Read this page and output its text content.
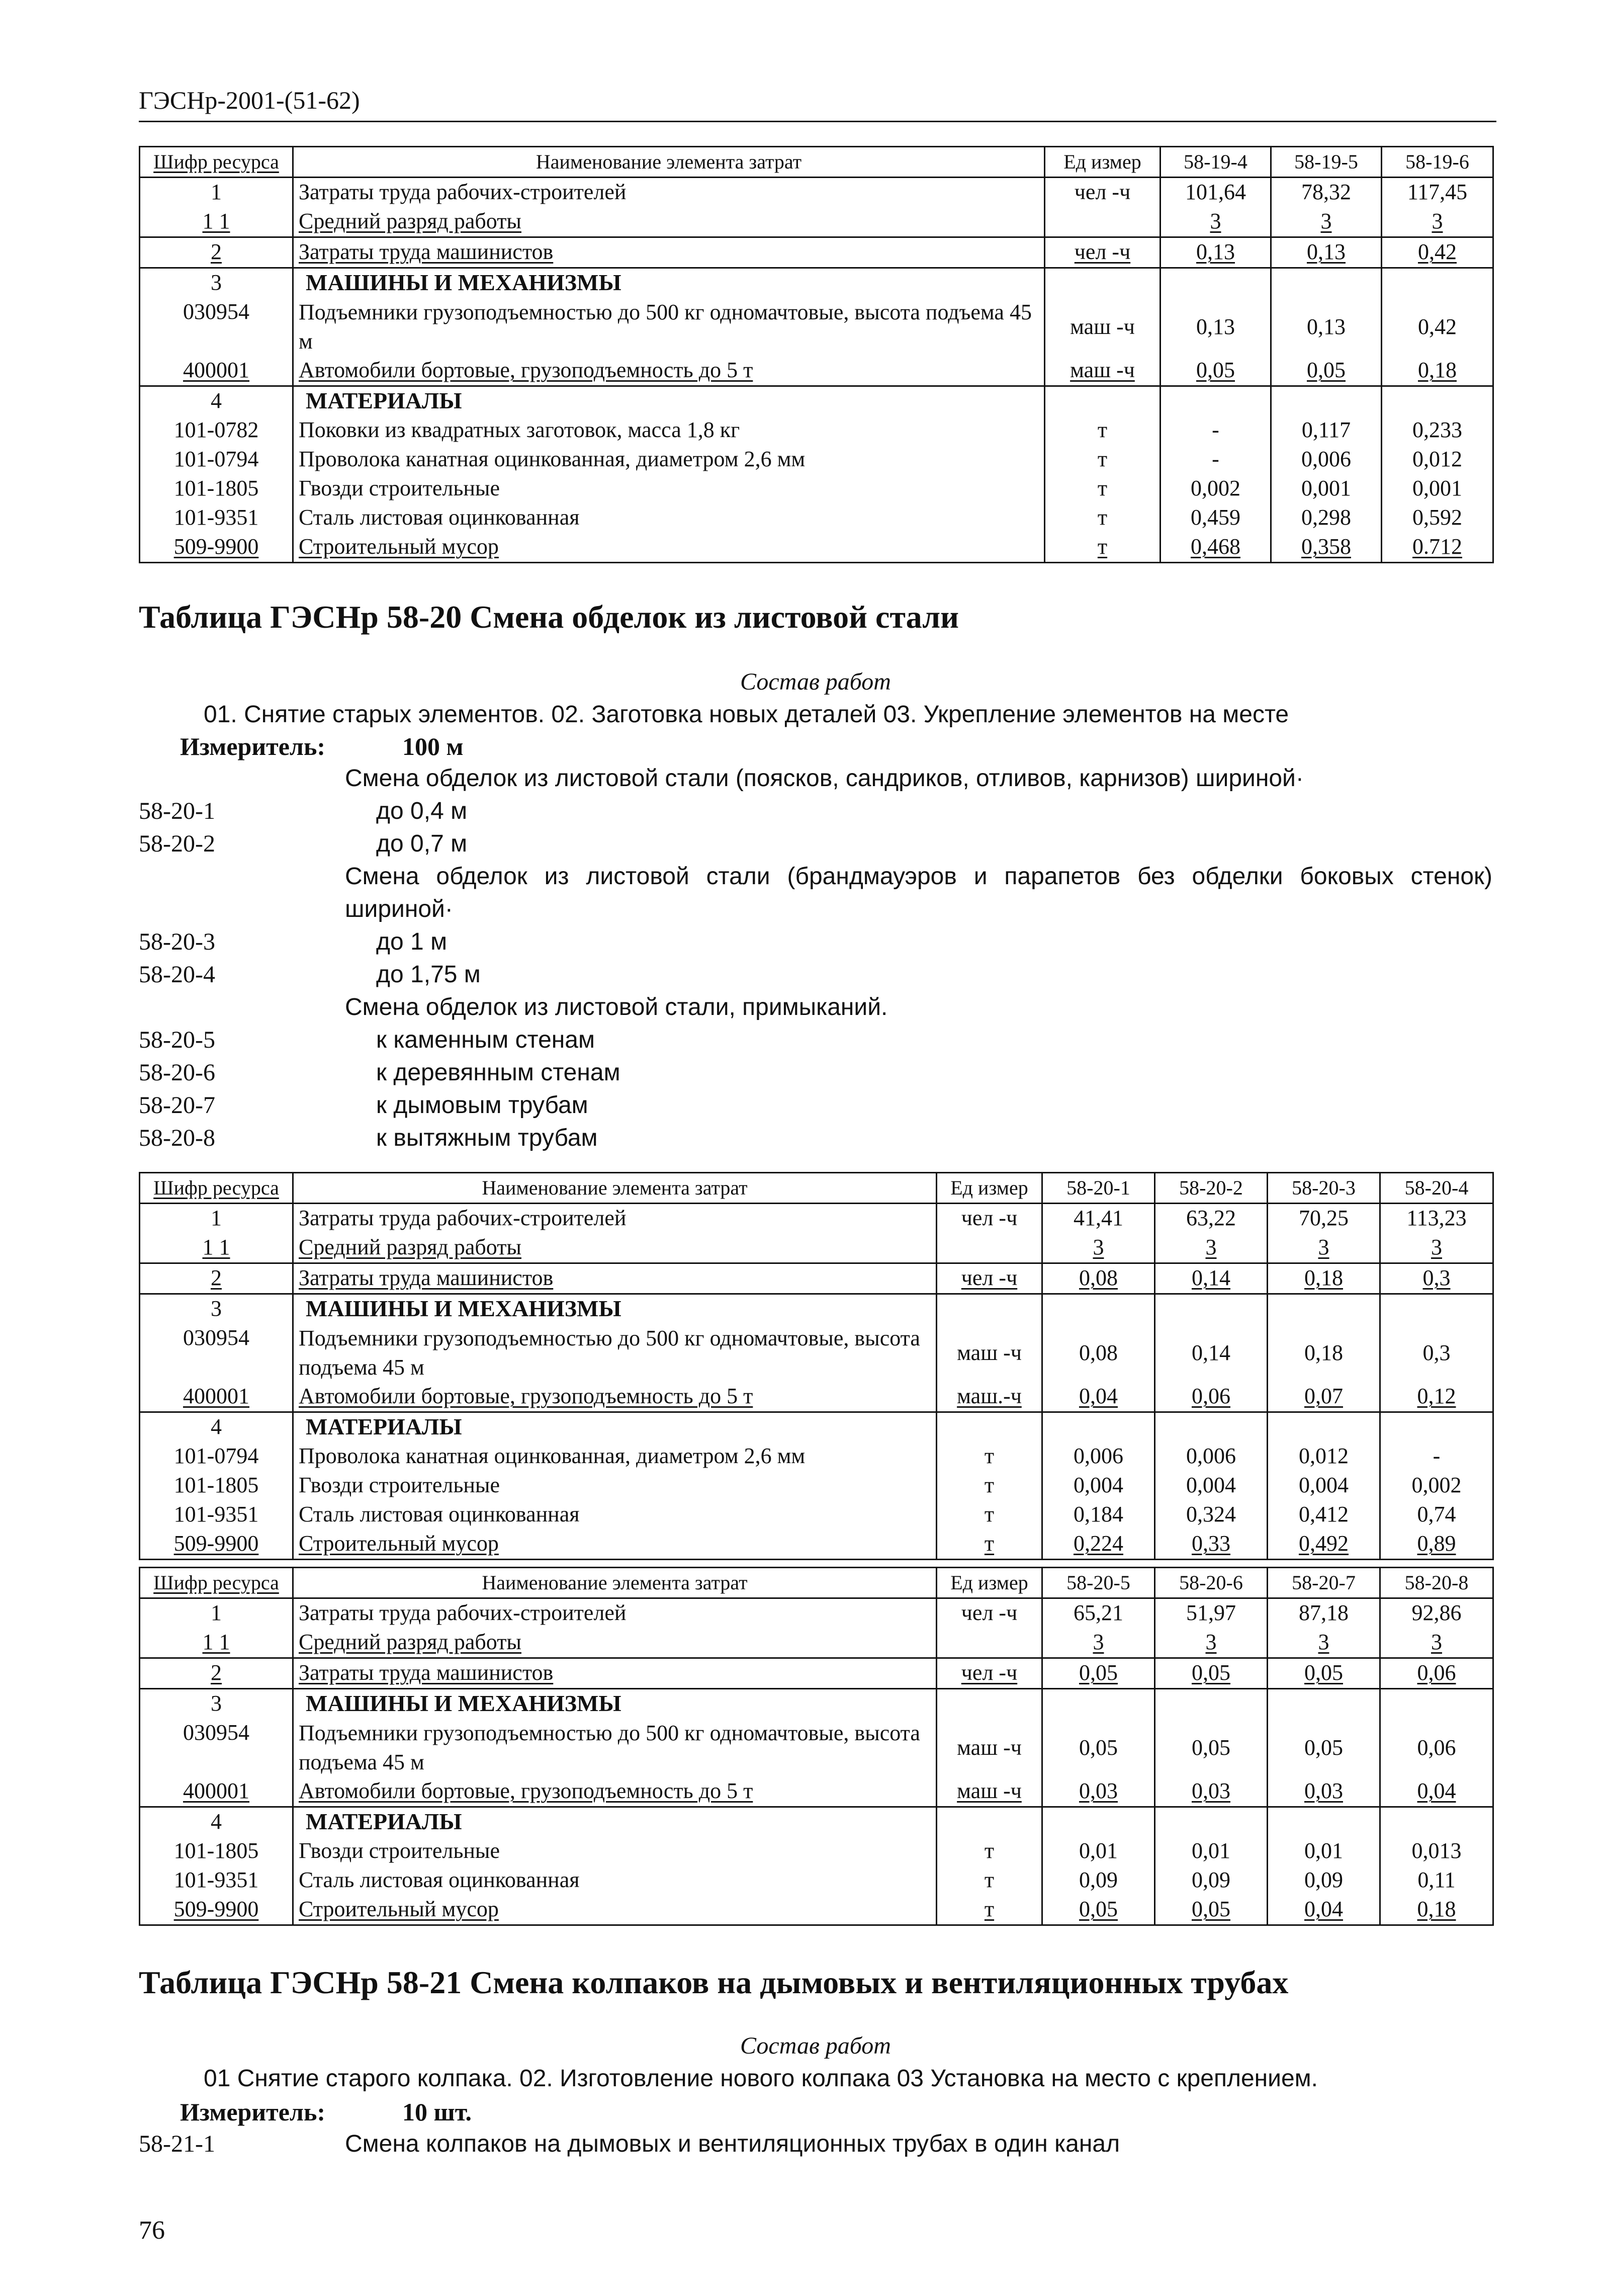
ГЭСНр-2001-(51-62)
Шифр ресурса	Наименование элемента затрат	Ед измер	58-19-4	58-19-5	58-19-6
1	Затраты труда рабочих-строителей	чел -ч	101,64	78,32	117,45
1 1	Средний разряд работы		3	3	3
2	Затраты труда машинистов	чел -ч	0,13	0,13	0,42
3	МАШИНЫ И МЕХАНИЗМЫ				
030954	Подъемники грузоподъемностью до 500 кг одномачтовые, высота подъема 45 м	маш -ч	0,13	0,13	0,42
400001	Автомобили бортовые, грузоподъемность до 5 т	маш -ч	0,05	0,05	0,18
4	МАТЕРИАЛЫ				
101-0782	Поковки из квадратных заготовок, масса 1,8 кг	т	-	0,117	0,233
101-0794	Проволока канатная оцинкованная, диаметром 2,6 мм	т	-	0,006	0,012
101-1805	Гвозди строительные	т	0,002	0,001	0,001
101-9351	Сталь листовая оцинкованная	т	0,459	0,298	0,592
509-9900	Строительный мусор	т	0,468	0,358	0.712
Таблица ГЭСНр 58-20 Смена обделок из листовой стали
Состав работ
01. Снятие старых элементов. 02. Заготовка новых деталей 03. Укрепление элементов на месте
Измеритель:	100 м
Смена обделок из листовой стали (поясков, сандриков, отливов, карнизов) шириной·
58-20-1	до 0,4 м
58-20-2	до 0,7 м
Смена обделок из листовой стали (брандмауэров и парапетов без обделки боковых стенок)
шириной·
58-20-3	до 1 м
58-20-4	до 1,75 м
Смена обделок из листовой стали, примыканий.
58-20-5	к каменным стенам
58-20-6	к деревянным стенам
58-20-7	к дымовым трубам
58-20-8	к вытяжным трубам
Шифр ресурса	Наименование элемента затрат	Ед измер	58-20-1	58-20-2	58-20-3	58-20-4
1	Затраты труда рабочих-строителей	чел -ч	41,41	63,22	70,25	113,23
1 1	Средний разряд работы		3	3	3	3
2	Затраты труда машинистов	чел -ч	0,08	0,14	0,18	0,3
3	МАШИНЫ И МЕХАНИЗМЫ					
030954	Подъемники грузоподъемностью до 500 кг одномачтовые, высота подъема 45 м	маш -ч	0,08	0,14	0,18	0,3
400001	Автомобили бортовые, грузоподъемность до 5 т	маш.-ч	0,04	0,06	0,07	0,12
4	МАТЕРИАЛЫ					
101-0794	Проволока канатная оцинкованная, диаметром 2,6 мм	т	0,006	0,006	0,012	-
101-1805	Гвозди строительные	т	0,004	0,004	0,004	0,002
101-9351	Сталь листовая оцинкованная	т	0,184	0,324	0,412	0,74
509-9900	Строительный мусор	т	0,224	0,33	0,492	0,89
Шифр ресурса	Наименование элемента затрат	Ед измер	58-20-5	58-20-6	58-20-7	58-20-8
1	Затраты труда рабочих-строителей	чел -ч	65,21	51,97	87,18	92,86
1 1	Средний разряд работы		3	3	3	3
2	Затраты труда машинистов	чел -ч	0,05	0,05	0,05	0,06
3	МАШИНЫ И МЕХАНИЗМЫ					
030954	Подъемники грузоподъемностью до 500 кг одномачтовые, высота подъема 45 м	маш -ч	0,05	0,05	0,05	0,06
400001	Автомобили бортовые, грузоподъемность до 5 т	маш -ч	0,03	0,03	0,03	0,04
4	МАТЕРИАЛЫ					
101-1805	Гвозди строительные	т	0,01	0,01	0,01	0,013
101-9351	Сталь листовая оцинкованная	т	0,09	0,09	0,09	0,11
509-9900	Строительный мусор	т	0,05	0,05	0,04	0,18
Таблица ГЭСНр 58-21 Смена колпаков на дымовых и вентиляционных трубах
Состав работ
01 Снятие старого колпака. 02. Изготовление нового колпака 03 Установка на место с креплением.
Измеритель:	10 шт.
58-21-1	Смена колпаков на дымовых и вентиляционных трубах в один канал
76
